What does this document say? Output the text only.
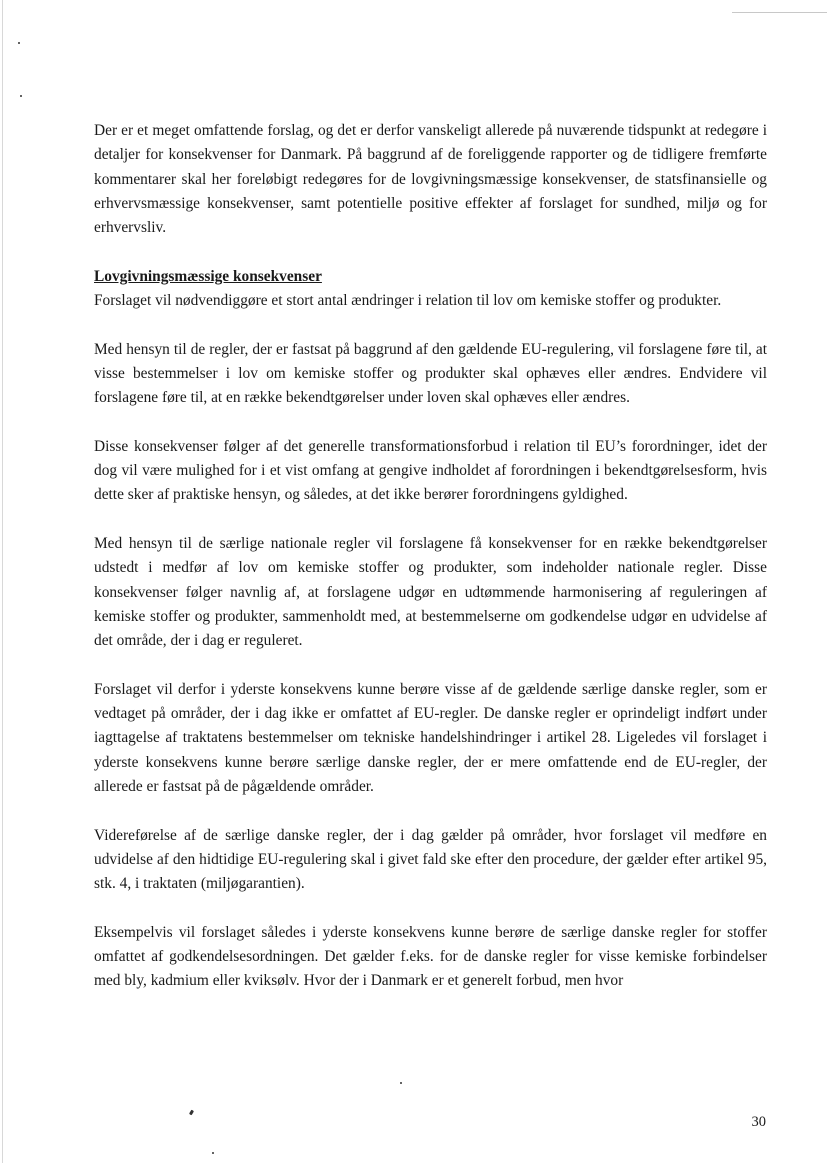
Der er et meget omfattende forslag, og det er derfor vanskeligt allerede på nuværende tidspunkt at redegøre i detaljer for konsekvenser for Danmark. På baggrund af de foreliggende rapporter og de tidligere fremførte kommentarer skal her foreløbigt redegøres for de lovgivningsmæssige konsekvenser, de statsfinansielle og erhvervsmæssige konsekvenser, samt potentielle positive effekter af forslaget for sundhed, miljø og for erhvervsliv.

Lovgivningsmæssige konsekvenser

Forslaget vil nødvendiggøre et stort antal ændringer i relation til lov om kemiske stoffer og produkter.

Med hensyn til de regler, der er fastsat på baggrund af den gældende EU-regulering, vil forslagene føre til, at visse bestemmelser i lov om kemiske stoffer og produkter skal ophæves eller ændres. Endvidere vil forslagene føre til, at en række bekendtgørelser under loven skal ophæves eller ændres.

Disse konsekvenser følger af det generelle transformationsforbud i relation til EU’s forordninger, idet der dog vil være mulighed for i et vist omfang at gengive indholdet af forordningen i bekendtgørelsesform, hvis dette sker af praktiske hensyn, og således, at det ikke berører forordningens gyldighed.

Med hensyn til de særlige nationale regler vil forslagene få konsekvenser for en række bekendtgørelser udstedt i medfør af lov om kemiske stoffer og produkter, som indeholder nationale regler. Disse konsekvenser følger navnlig af, at forslagene udgør en udtømmende harmonisering af reguleringen af kemiske stoffer og produkter, sammenholdt med, at bestemmelserne om godkendelse udgør en udvidelse af det område, der i dag er reguleret.

Forslaget vil derfor i yderste konsekvens kunne berøre visse af de gældende særlige danske regler, som er vedtaget på områder, der i dag ikke er omfattet af EU-regler. De danske regler er oprindeligt indført under iagttagelse af traktatens bestemmelser om tekniske handelshindringer i artikel 28. Ligeledes vil forslaget i yderste konsekvens kunne berøre særlige danske regler, der er mere omfattende end de EU-regler, der allerede er fastsat på de pågældende områder.

Videreførelse af de særlige danske regler, der i dag gælder på områder, hvor forslaget vil medføre en udvidelse af den hidtidige EU-regulering skal i givet fald ske efter den procedure, der gælder efter artikel 95, stk. 4, i traktaten (miljøgarantien).

Eksempelvis vil forslaget således i yderste konsekvens kunne berøre de særlige danske regler for stoffer omfattet af godkendelsesordningen. Det gælder f.eks. for de danske regler for visse kemiske forbindelser med bly, kadmium eller kviksølv. Hvor der i Danmark er et generelt forbud, men hvor

30
